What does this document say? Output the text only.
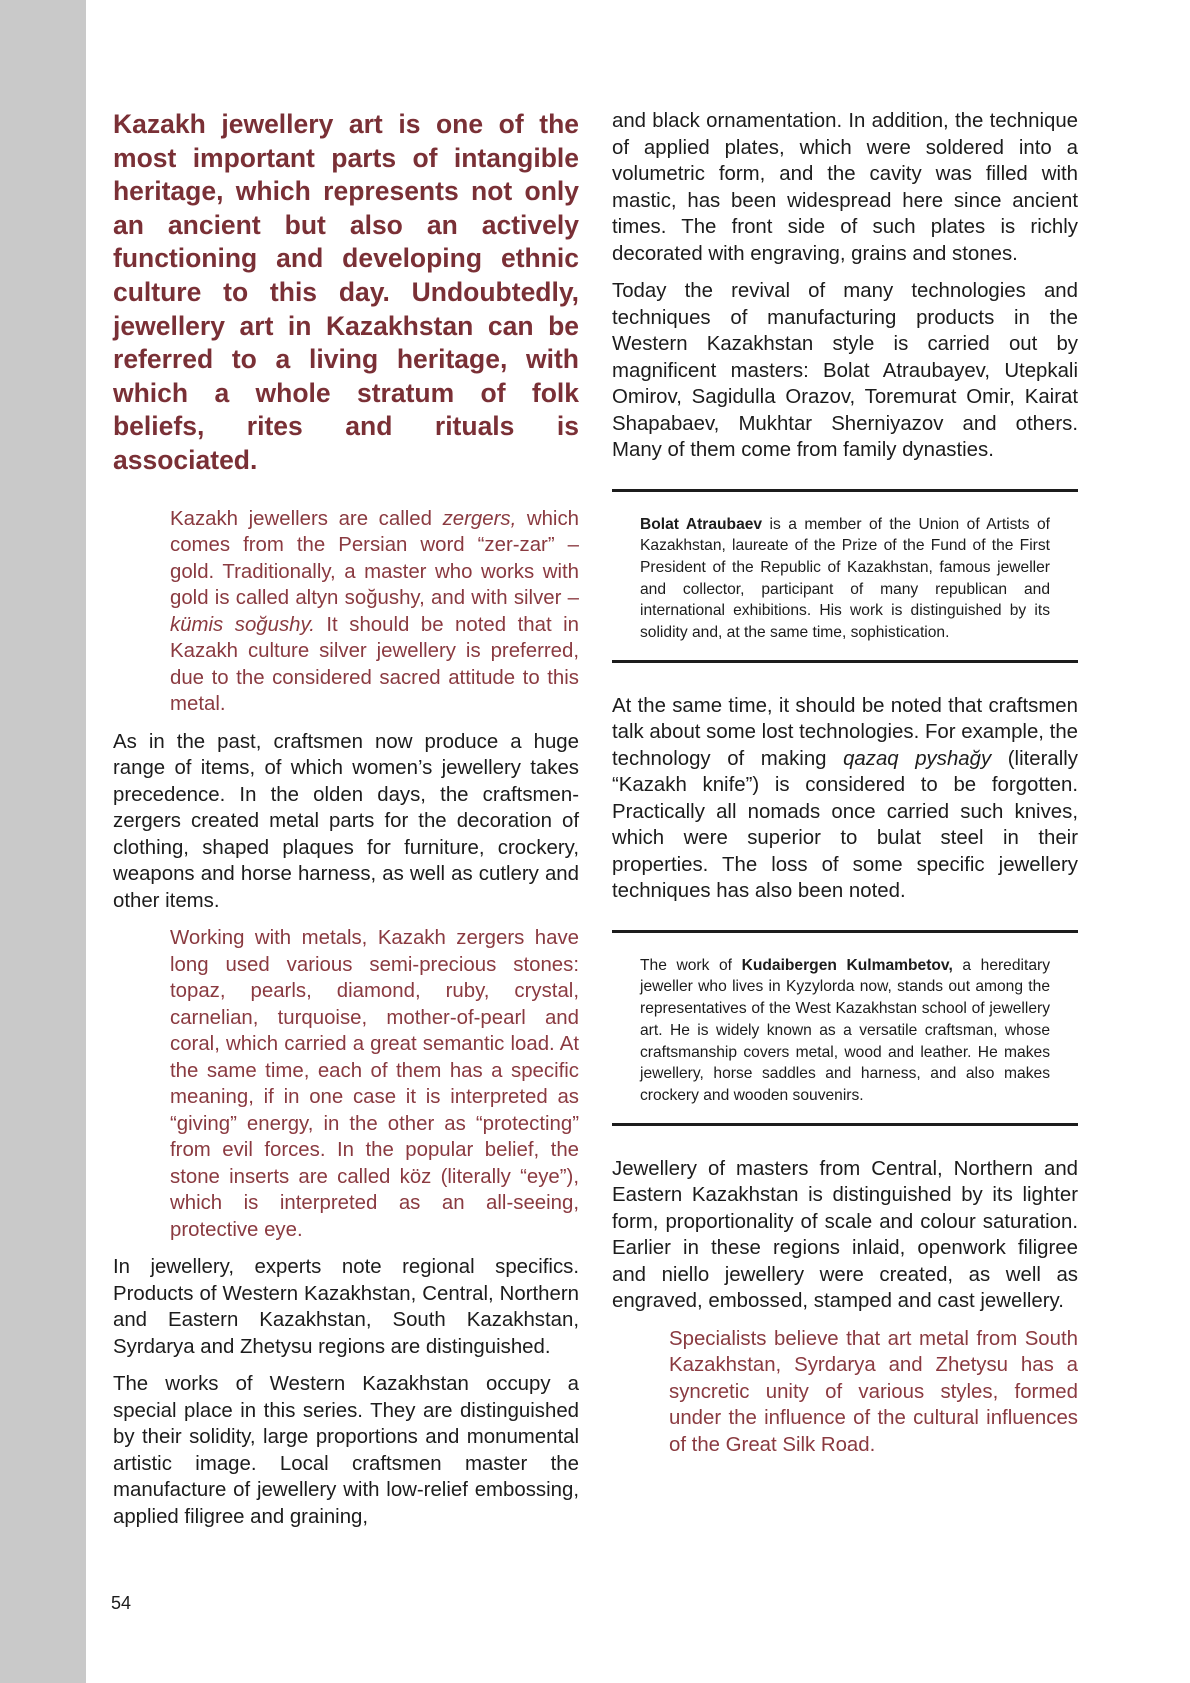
Kazakh jewellery art is one of the most important parts of intangible heritage, which represents not only an ancient but also an actively functioning and developing ethnic culture to this day. Undoubtedly, jewellery art in Kazakhstan can be referred to a living heritage, with which a whole stratum of folk beliefs, rites and rituals is associated.

Kazakh jewellers are called zergers, which comes from the Persian word “zer-zar” – gold. Traditionally, a master who works with gold is called altyn soğushy, and with silver – kümis soğushy. It should be noted that in Kazakh culture silver jewellery is preferred, due to the considered sacred attitude to this metal.

As in the past, craftsmen now produce a huge range of items, of which women’s jewellery takes precedence. In the olden days, the craftsmen-zergers created metal parts for the decoration of clothing, shaped plaques for furniture, crockery, weapons and horse harness, as well as cutlery and other items.

Working with metals, Kazakh zergers have long used various semi-precious stones: topaz, pearls, diamond, ruby, crystal, carnelian, turquoise, mother-of-pearl and coral, which carried a great semantic load. At the same time, each of them has a specific meaning, if in one case it is interpreted as “giving” energy, in the other as “protecting” from evil forces. In the popular belief, the stone inserts are called köz (literally “eye”), which is interpreted as an all-seeing, protective eye.

In jewellery, experts note regional specifics. Products of Western Kazakhstan, Central, Northern and Eastern Kazakhstan, South Kazakhstan, Syrdarya and Zhetysu regions are distinguished.

The works of Western Kazakhstan occupy a special place in this series. They are distinguished by their solidity, large proportions and monumental artistic image. Local craftsmen master the manufacture of jewellery with low-relief embossing, applied filigree and graining,

and black ornamentation. In addition, the technique of applied plates, which were soldered into a volumetric form, and the cavity was filled with mastic, has been widespread here since ancient times. The front side of such plates is richly decorated with engraving, grains and stones.

Today the revival of many technologies and techniques of manufacturing products in the Western Kazakhstan style is carried out by magnificent masters: Bolat Atraubayev, Utepkali Omirov, Sagidulla Orazov, Toremurat Omir, Kairat Shapabaev, Mukhtar Sherniyazov and others. Many of them come from family dynasties.

Bolat Atraubaev is a member of the Union of Artists of Kazakhstan, laureate of the Prize of the Fund of the First President of the Republic of Kazakhstan, famous jeweller and collector, participant of many republican and international exhibitions. His work is distinguished by its solidity and, at the same time, sophistication.

At the same time, it should be noted that craftsmen talk about some lost technologies. For example, the technology of making qazaq pyshağy (literally “Kazakh knife”) is considered to be forgotten. Practically all nomads once carried such knives, which were superior to bulat steel in their properties. The loss of some specific jewellery techniques has also been noted.

The work of Kudaibergen Kulmambetov, a hereditary jeweller who lives in Kyzylorda now, stands out among the representatives of the West Kazakhstan school of jewellery art. He is widely known as a versatile craftsman, whose craftsmanship covers metal, wood and leather. He makes jewellery, horse saddles and harness, and also makes crockery and wooden souvenirs.

Jewellery of masters from Central, Northern and Eastern Kazakhstan is distinguished by its lighter form, proportionality of scale and colour saturation. Earlier in these regions inlaid, openwork filigree and niello jewellery were created, as well as engraved, embossed, stamped and cast jewellery.

Specialists believe that art metal from South Kazakhstan, Syrdarya and Zhetysu has a syncretic unity of various styles, formed under the influence of the cultural influences of the Great Silk Road.

54
